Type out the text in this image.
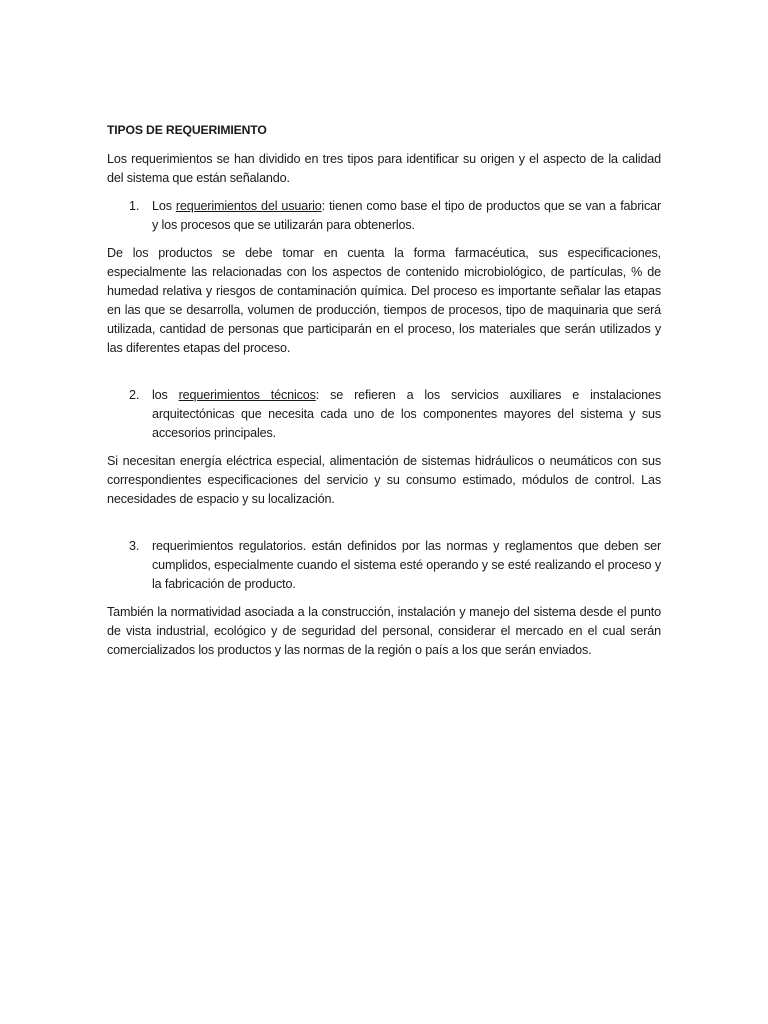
TIPOS DE REQUERIMIENTO
Los requerimientos se han dividido en tres tipos para identificar su origen y el aspecto de la calidad del sistema que están señalando.
1. Los requerimientos del usuario: tienen como base el tipo de productos que se van a fabricar y los procesos que se utilizarán para obtenerlos.
De los productos se debe tomar en cuenta la forma farmacéutica, sus especificaciones, especialmente las relacionadas con los aspectos de contenido microbiológico, de partículas, % de humedad relativa y riesgos de contaminación química. Del proceso es importante señalar las etapas en las que se desarrolla, volumen de producción, tiempos de procesos, tipo de maquinaria que será utilizada, cantidad de personas que participarán en el proceso, los materiales que serán utilizados y las diferentes etapas del proceso.
2. los requerimientos técnicos: se refieren a los servicios auxiliares e instalaciones arquitectónicas que necesita cada uno de los componentes mayores del sistema y sus accesorios principales.
Si necesitan energía eléctrica especial, alimentación de sistemas hidráulicos o neumáticos con sus correspondientes especificaciones del servicio y su consumo estimado, módulos de control. Las necesidades de espacio y su localización.
3. requerimientos regulatorios. están definidos por las normas y reglamentos que deben ser cumplidos, especialmente cuando el sistema esté operando y se esté realizando el proceso y la fabricación de producto.
También la normatividad asociada a la construcción, instalación y manejo del sistema desde el punto de vista industrial, ecológico y de seguridad del personal, considerar el mercado en el cual serán comercializados los productos y las normas de la región o país a los que serán enviados.
